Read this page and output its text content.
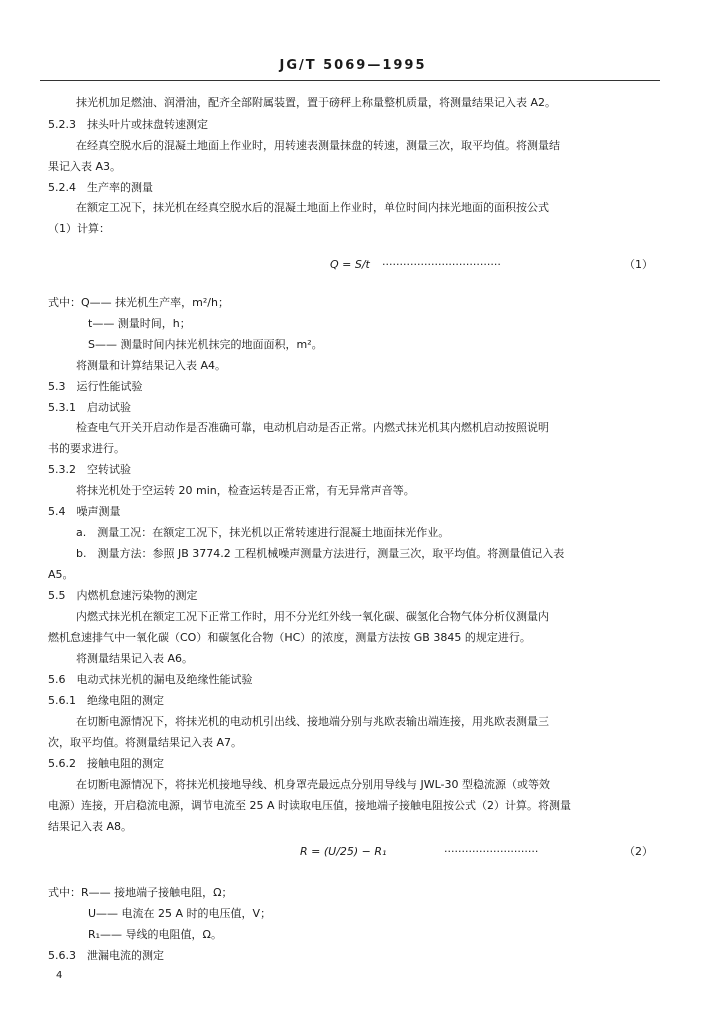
JG/T 5069—1995
抹光机加足燃油、润滑油，配齐全部附属装置，置于磅秤上称量整机质量，将测量结果记入表 A2。
5.2.3　抹头叶片或抹盘转速测定
在经真空脱水后的混凝土地面上作业时，用转速表测量抹盘的转速，测量三次，取平均值。将测量结
果记入表 A3。
5.2.4　生产率的测量
在额定工况下，抹光机在经真空脱水后的混凝土地面上作业时，单位时间内抹光地面的面积按公式
（1）计算：
Q = S/t ··································	（1）
式中：Q—— 抹光机生产率，m²/h；
t—— 测量时间，h；
S—— 测量时间内抹光机抹完的地面面积，m²。
将测量和计算结果记入表 A4。
5.3　运行性能试验
5.3.1　启动试验
检查电气开关开启动作是否准确可靠，电动机启动是否正常。内燃式抹光机其内燃机启动按照说明
书的要求进行。
5.3.2　空转试验
将抹光机处于空运转 20 min，检查运转是否正常，有无异常声音等。
5.4　噪声测量
a.　测量工况：在额定工况下，抹光机以正常转速进行混凝土地面抹光作业。
b.　测量方法：参照 JB 3774.2 工程机械噪声测量方法进行，测量三次，取平均值。将测量值记入表
A5。
5.5　内燃机怠速污染物的测定
内燃式抹光机在额定工况下正常工作时，用不分光红外线一氧化碳、碳氢化合物气体分析仪测量内
燃机怠速排气中一氧化碳（CO）和碳氢化合物（HC）的浓度，测量方法按 GB 3845 的规定进行。
将测量结果记入表 A6。
5.6　电动式抹光机的漏电及绝缘性能试验
5.6.1　绝缘电阻的测定
在切断电源情况下，将抹光机的电动机引出线、接地端分别与兆欧表输出端连接，用兆欧表测量三
次，取平均值。将测量结果记入表 A7。
5.6.2　接触电阻的测定
在切断电源情况下，将抹光机接地导线、机身罩壳最远点分别用导线与 JWL-30 型稳流源（或等效
电源）连接，开启稳流电源，调节电流至 25 A 时读取电压值，接地端子接触电阻按公式（2）计算。将测量
结果记入表 A8。
R = (U/25) − R₁	···························	（2）
式中：R—— 接地端子接触电阻，Ω；
U—— 电流在 25 A 时的电压值，V；
R₁—— 导线的电阻值，Ω。
5.6.3　泄漏电流的测定
4
